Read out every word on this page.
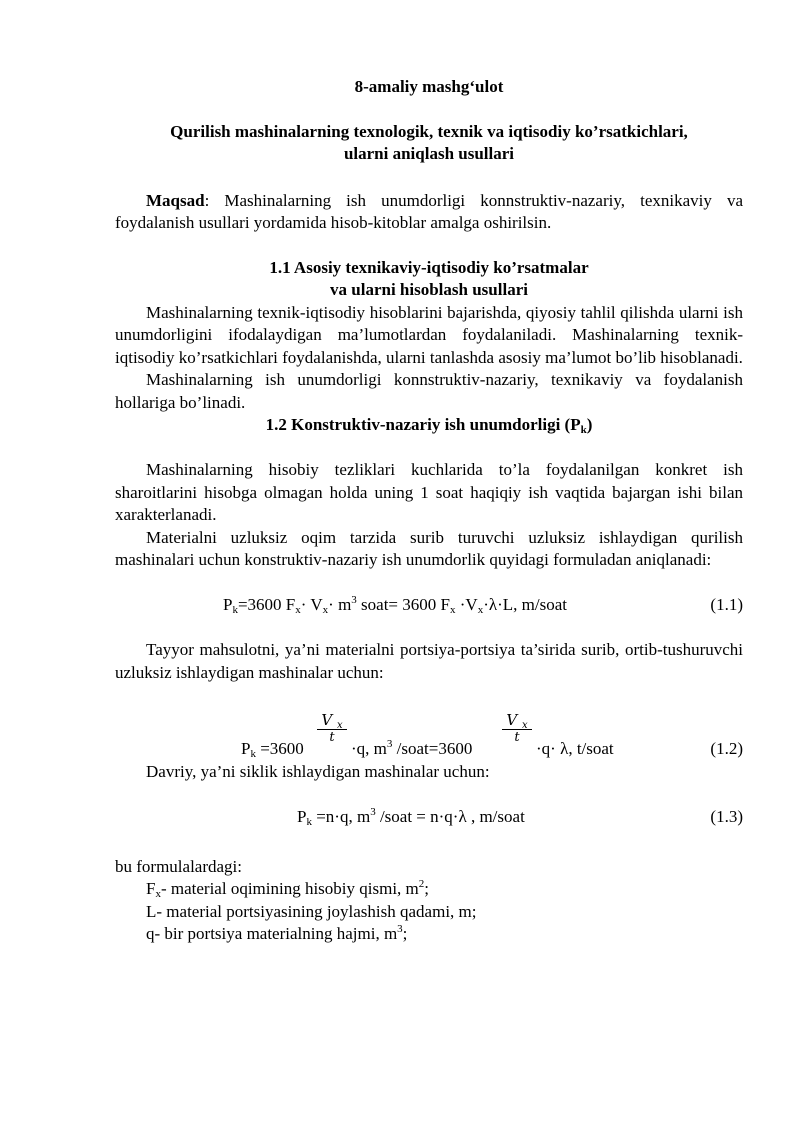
8-amaliy mashg‘ulot

Qurilish mashinalarning texnologik, texnik va iqtisodiy ko’rsatkichlari,
ularni aniqlash usullari

Maqsad: Mashinalarning ish unumdorligi konnstruktiv-nazariy, texnikaviy va foydalanish usullari yordamida hisob-kitoblar amalga oshirilsin.

1.1 Asosiy texnikaviy-iqtisodiy ko’rsatmalar
va ularni hisoblash usullari

Mashinalarning texnik-iqtisodiy hisoblarini bajarishda, qiyosiy tahlil qilishda ularni ish unumdorligini ifodalaydigan ma’lumotlardan foydalaniladi. Mashinalarning texnik-iqtisodiy ko’rsatkichlari foydalanishda, ularni tanlashda asosiy ma’lumot bo’lib hisoblanadi.

Mashinalarning ish unumdorligi konnstruktiv-nazariy, texnikaviy va foydalanish hollariga bo’linadi.

1.2 Konstruktiv-nazariy ish unumdorligi $(P_k)$

Mashinalarning hisobiy tezliklari kuchlarida to’la foydalanilgan konkret ish sharoitlarini hisobga olmagan holda uning 1 soat haqiqiy ish vaqtida bajargan ishi bilan xarakterlanadi.

Materialni uzluksiz oqim tarzida surib turuvchi uzluksiz ishlaydigan qurilish mashinalari uchun konstruktiv-nazariy ish unumdorlik quyidagi formuladan aniqlanadi:

$P_k=3600$ $F_x\cdot V_x\cdot m^3$ soat= 3600 $F_x \cdot V_x\cdot\lambda\cdot L$, m/soat	(1.1)

Tayyor mahsulotni, ya’ni materialni portsiya-portsiya ta’sirida surib, ortib-tushuruvchi uzluksiz ishlaydigan mashinalar uchun:

V $_x$
t
V $_x$
t
$P_k =3600$	·q, $m^3$ /soat=3600	·q· λ, t/soat	(1.2)

Davriy, ya’ni siklik ishlaydigan mashinalar uchun:

$P_k =n\cdot q$, $m^3$ /soat = n·q·λ , m/soat	(1.3)

bu formulalardagi:

$F_x-$ material oqimining hisobiy qismi, $m^2$;

L- material portsiyasining joylashish qadami, m;

q- bir portsiya materialning hajmi, $m^3$;
